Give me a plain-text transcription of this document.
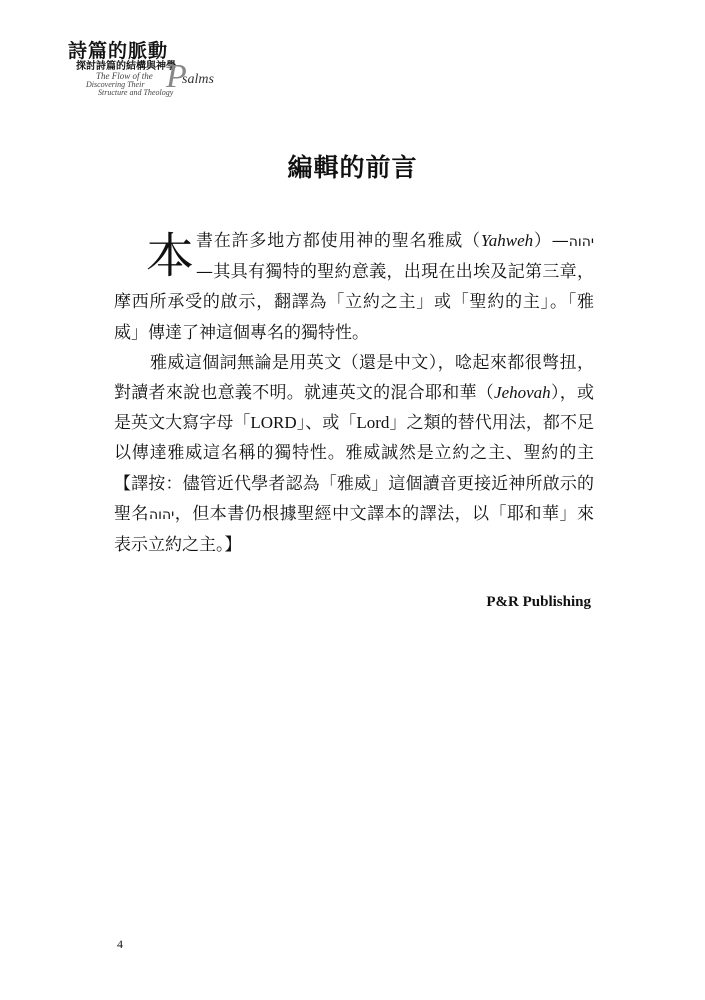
詩篇的脈動
探討詩篇的結構與神學
The Flow of the
Discovering Their
Structure and Theology
P
salms
編輯的前言

本書在許多地方都使用神的聖名雅威（Yahweh）—יהוה—其具有獨特的聖約意義，出現在出埃及記第三章，摩西所承受的啟示，翻譯為「立約之主」或「聖約的主」。「雅威」傳達了神這個專名的獨特性。

雅威這個詞無論是用英文（還是中文），唸起來都很彆扭，對讀者來說也意義不明。就連英文的混合耶和華（Jehovah），或是英文大寫字母「LORD」、或「Lord」之類的替代用法，都不足以傳達雅威這名稱的獨特性。雅威誠然是立約之主、聖約的主【譯按：儘管近代學者認為「雅威」這個讀音更接近神所啟示的聖名יהוה，但本書仍根據聖經中文譯本的譯法，以「耶和華」來表示立約之主。】

P&R Publishing
4
